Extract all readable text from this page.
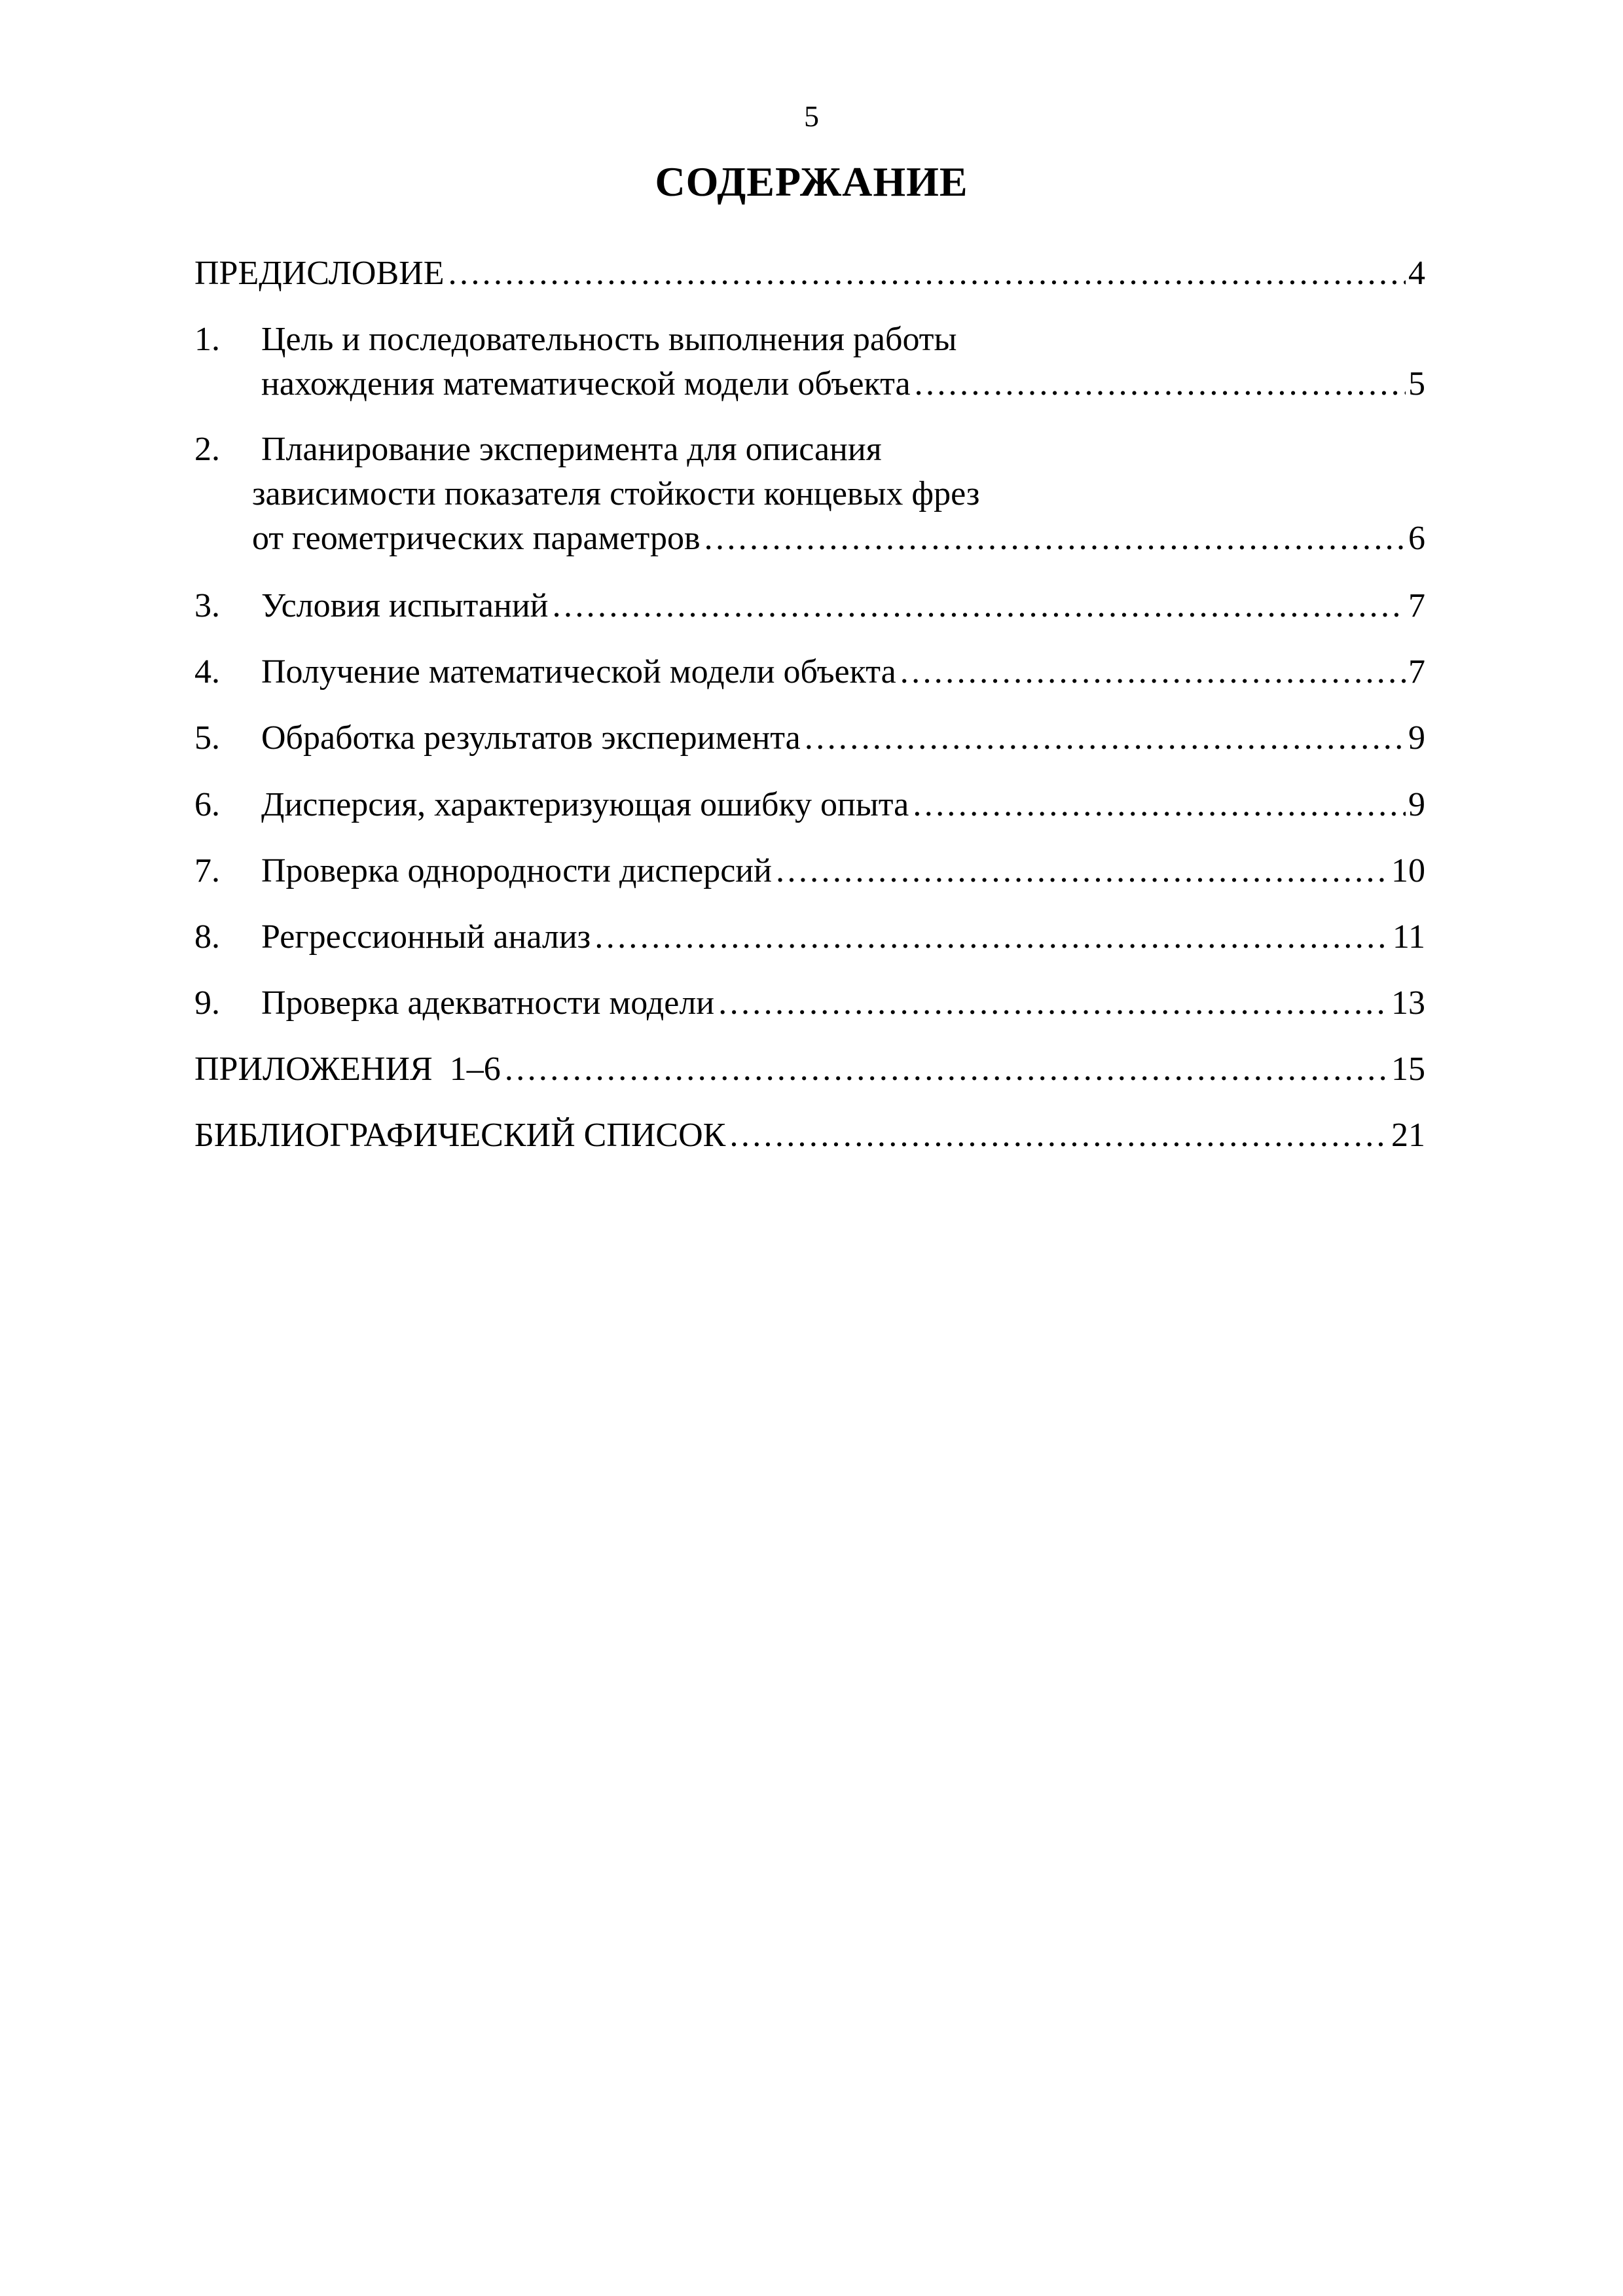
5
СОДЕРЖАНИЕ
ПРЕДИСЛОВИЕ …………………………………………………………………………………………………………………………………………………………………………………………………………	4
1.	Цель и последовательность выполнения работы
нахождения математической модели объекта …………………………………………………………………………………………………………………………………………………………………………………………………………	5
2.	Планирование эксперимента для описания
зависимости показателя стойкости концевых фрез
от геометрических параметров …………………………………………………………………………………………………………………………………………………………………………………………………………	6
3.	Условия испытаний …………………………………………………………………………………………………………………………………………………………………………………………………………	7
4.	Получение математической модели объекта …………………………………………………………………………………………………………………………………………………………………………………………………………	7
5.	Обработка результатов эксперимента …………………………………………………………………………………………………………………………………………………………………………………………………………	9
6.	Дисперсия, характеризующая ошибку опыта …………………………………………………………………………………………………………………………………………………………………………………………………………	9
7.	Проверка однородности дисперсий …………………………………………………………………………………………………………………………………………………………………………………………………………	10
8.	Регрессионный анализ …………………………………………………………………………………………………………………………………………………………………………………………………………	11
9.	Проверка адекватности модели …………………………………………………………………………………………………………………………………………………………………………………………………………	13
ПРИЛОЖЕНИЯ  1–6 …………………………………………………………………………………………………………………………………………………………………………………………………………	15
БИБЛИОГРАФИЧЕСКИЙ СПИСОК …………………………………………………………………………………………………………………………………………………………………………………………………………	21
